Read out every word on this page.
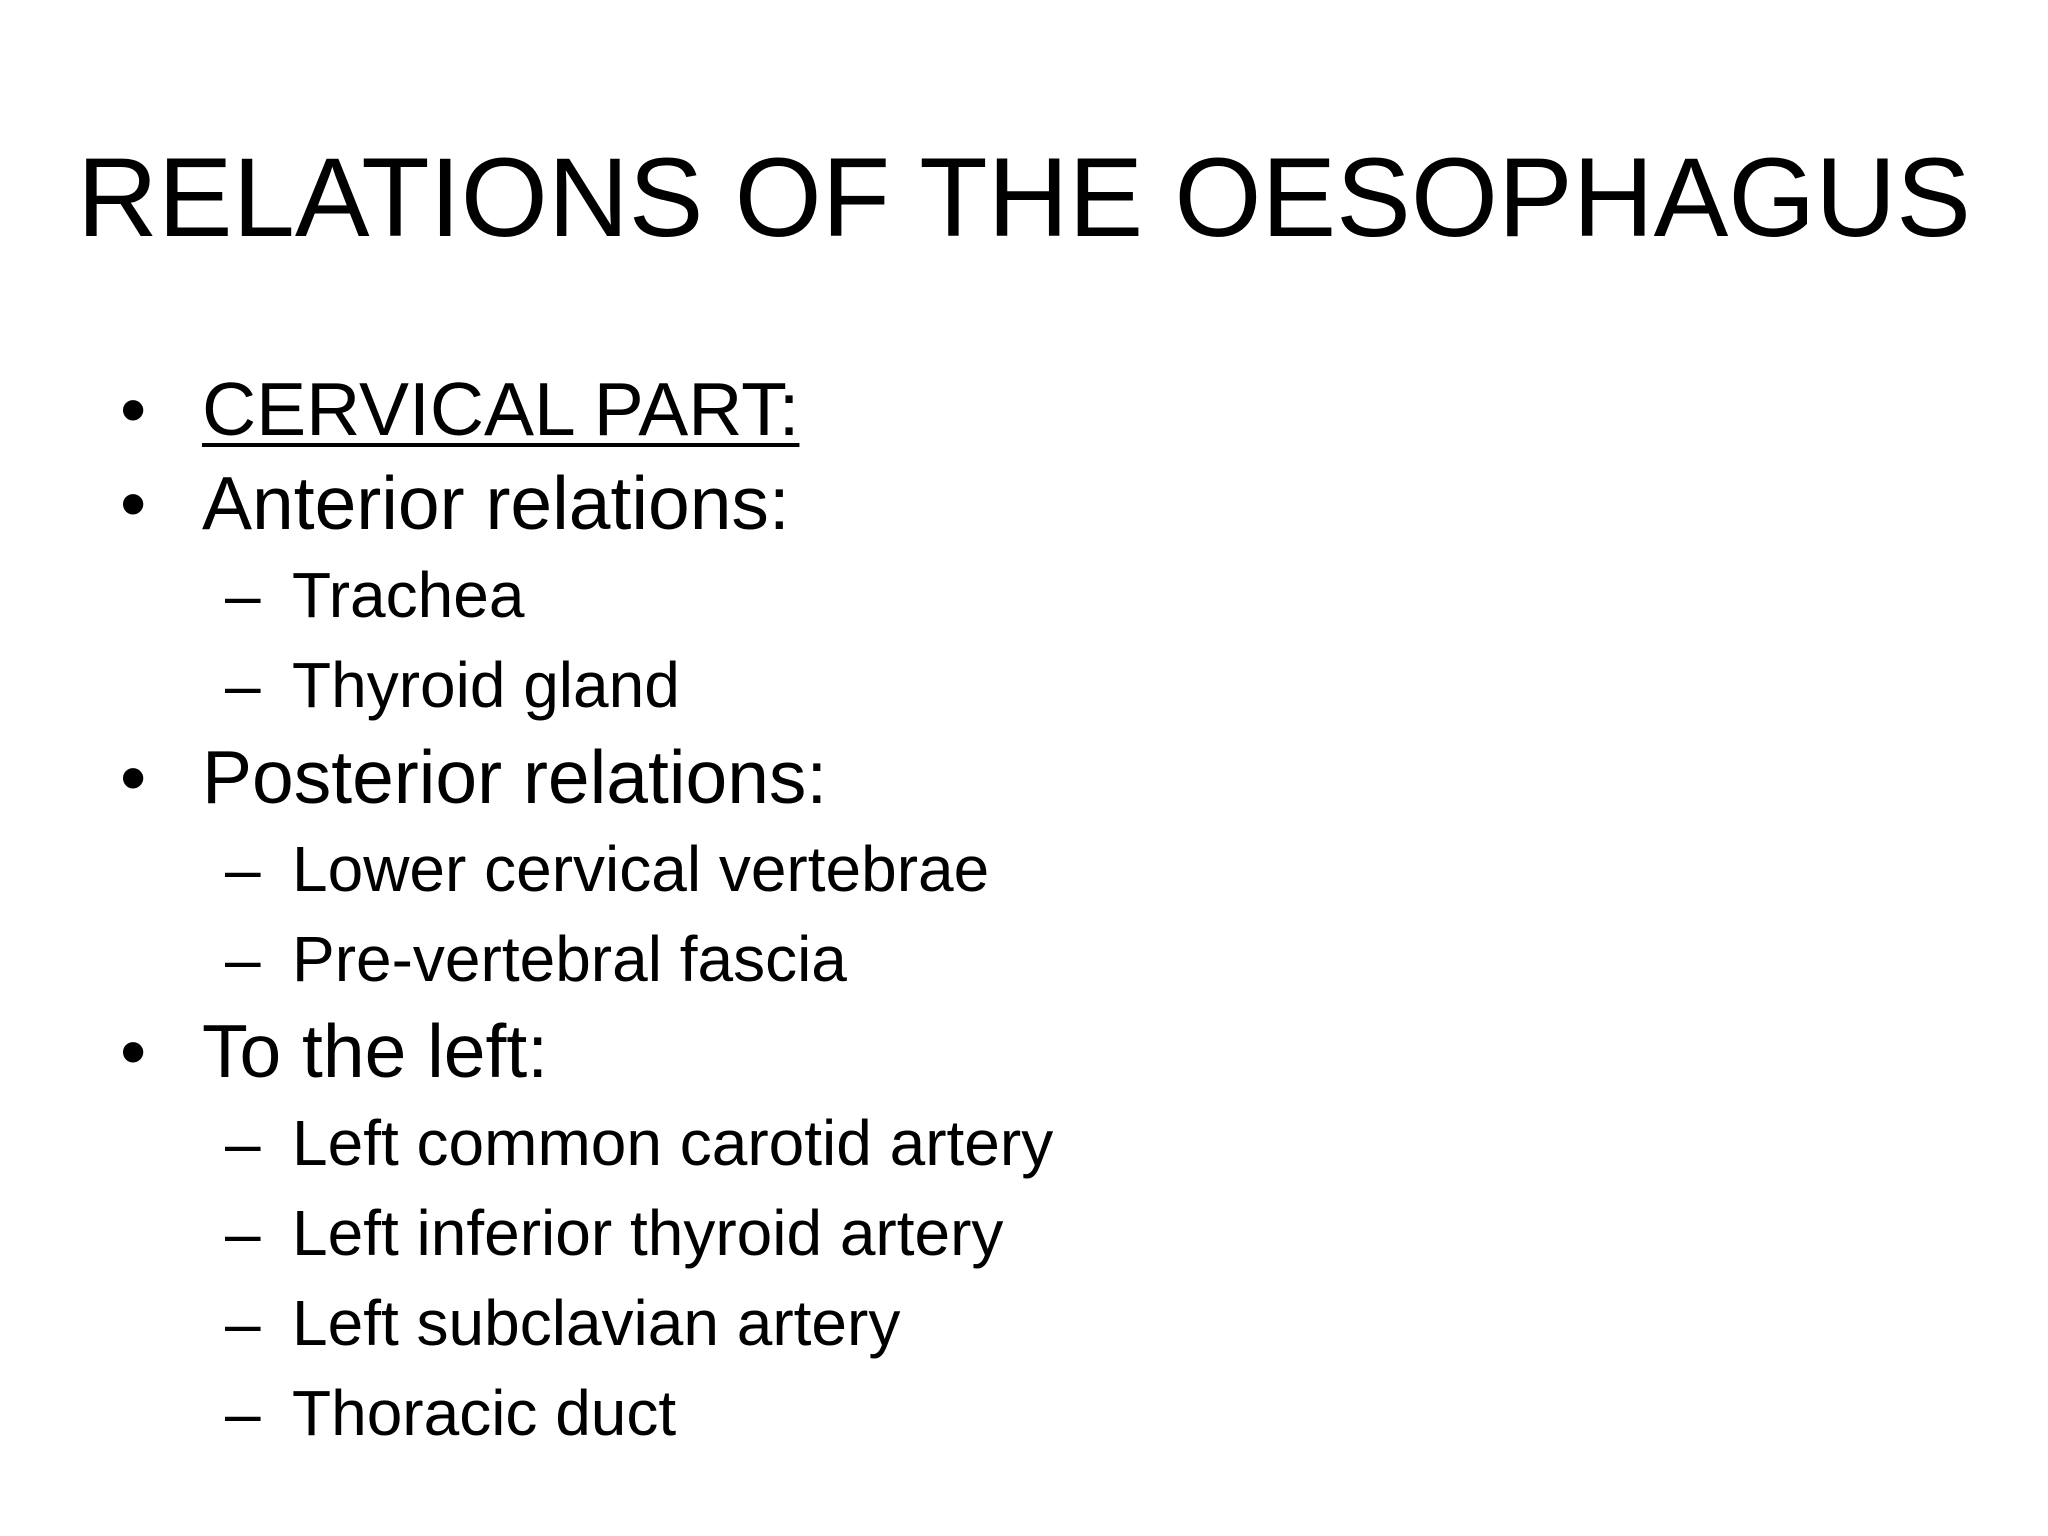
RELATIONS OF THE OESOPHAGUS
• CERVICAL PART:
• Anterior relations:
– Trachea
– Thyroid gland
• Posterior relations:
– Lower cervical vertebrae
– Pre-vertebral fascia
• To the left:
– Left common carotid artery
– Left inferior thyroid artery
– Left subclavian artery
– Thoracic duct
